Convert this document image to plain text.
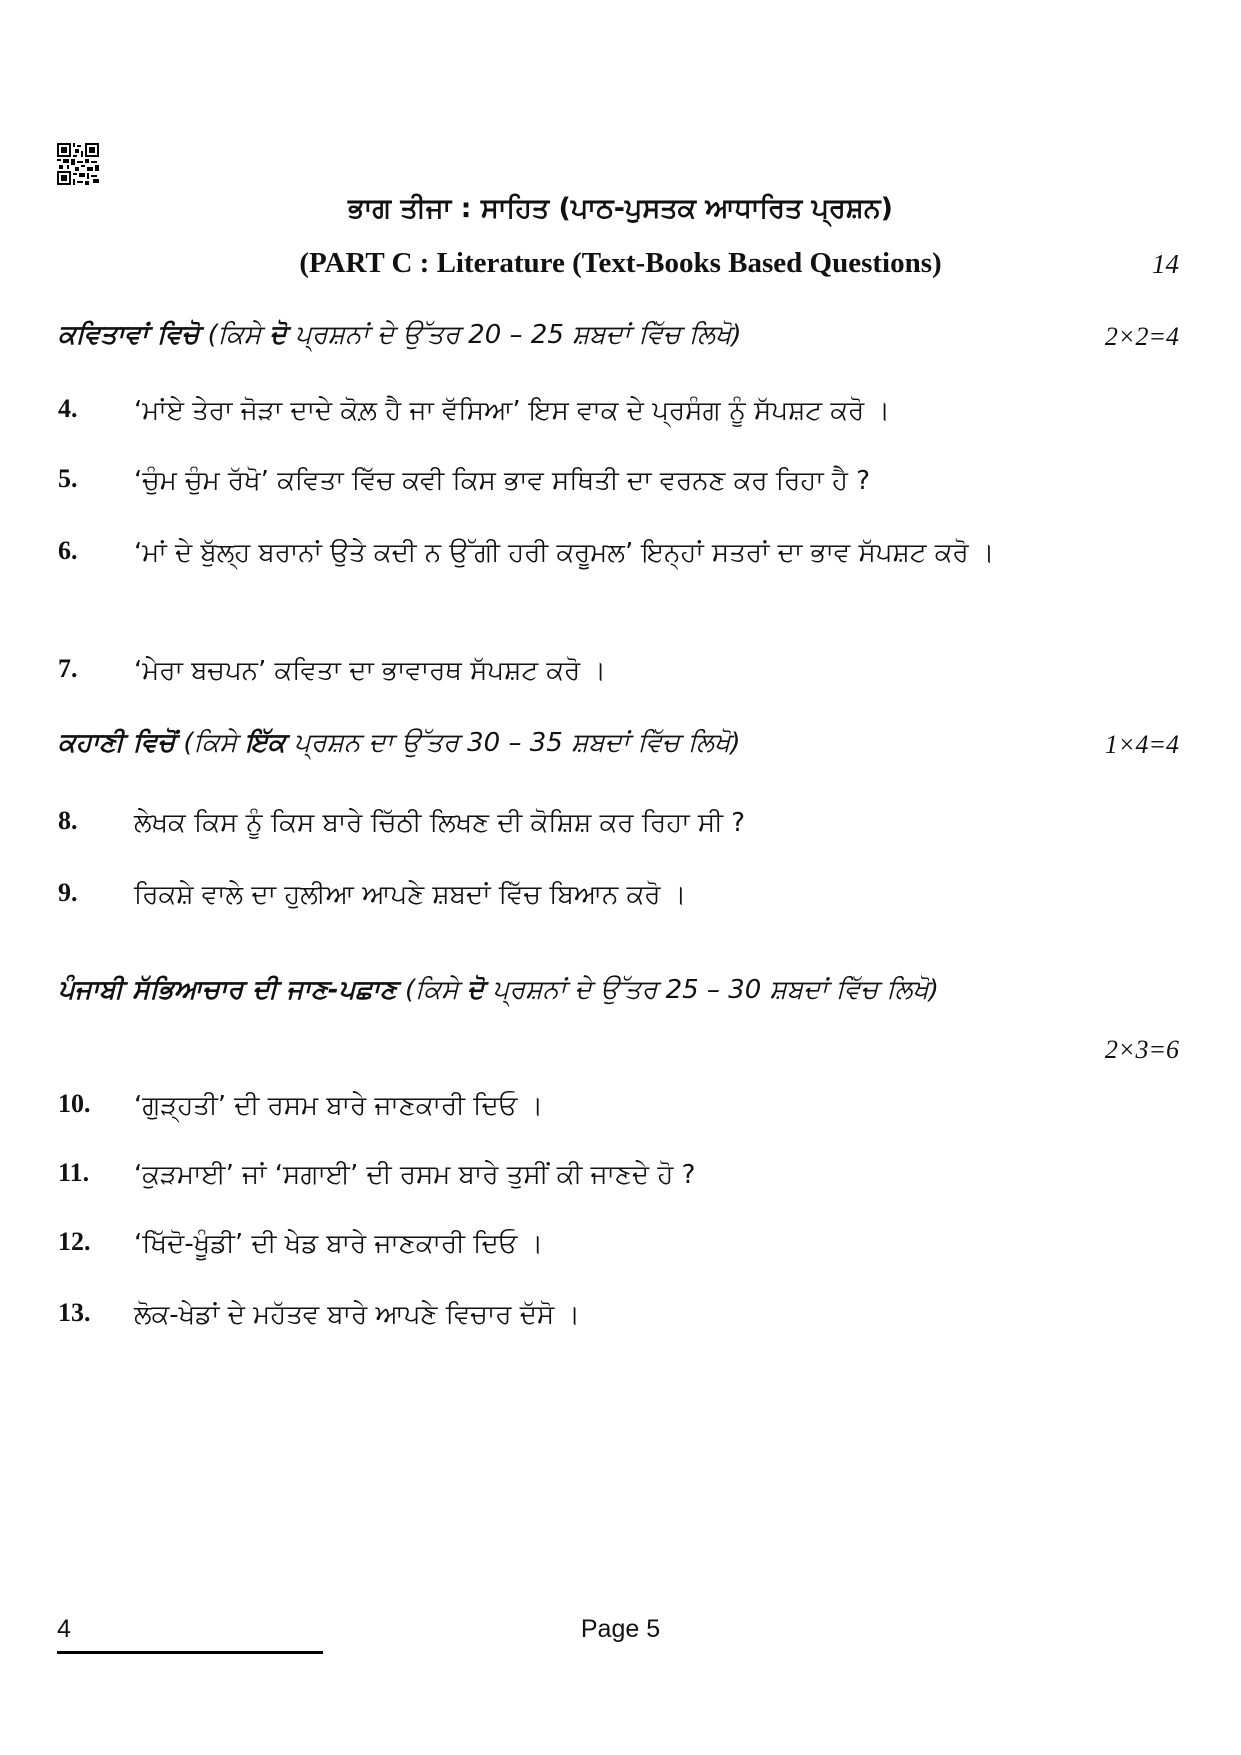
ਭਾਗ ਤੀਜਾ : ਸਾਹਿਤ (ਪਾਠ-ਪੁਸਤਕ ਆਧਾਰਿਤ ਪ੍ਰਸ਼ਨ)
(PART C : Literature (Text-Books Based Questions)	14
ਕਵਿਤਾਵਾਂ ਵਿਚੋ (ਕਿਸੇ ਦੋ ਪ੍ਰਸ਼ਨਾਂ ਦੇ ਉੱਤਰ 20 – 25 ਸ਼ਬਦਾਂ ਵਿੱਚ ਲਿਖੋ)	2×2=4
4.	‘ਮਾਂਏ ਤੇਰਾ ਜੋੜਾ ਦਾਦੇ ਕੋਲ਼ ਹੈ ਜਾ ਵੱਸਿਆ’ ਇਸ ਵਾਕ ਦੇ ਪ੍ਰਸੰਗ ਨੂੰ ਸੱਪਸ਼ਟ ਕਰੋ ।
5.	‘ਚੁੰਮ ਚੁੰਮ ਰੱਖੋ’ ਕਵਿਤਾ ਵਿੱਚ ਕਵੀ ਕਿਸ ਭਾਵ ਸਥਿਤੀ ਦਾ ਵਰਨਣ ਕਰ ਰਿਹਾ ਹੈ ?
6.	‘ਮਾਂ ਦੇ ਬੁੱਲ੍ਹ ਬਰਾਨਾਂ ਉਤੇ ਕਦੀ ਨ ਉੱਗੀ ਹਰੀ ਕਰੂਮਲ’ ਇਨ੍ਹਾਂ ਸਤਰਾਂ ਦਾ ਭਾਵ ਸੱਪਸ਼ਟ ਕਰੋ ।
7.	‘ਮੇਰਾ ਬਚਪਨ’ ਕਵਿਤਾ ਦਾ ਭਾਵਾਰਥ ਸੱਪਸ਼ਟ ਕਰੋ ।
ਕਹਾਣੀ ਵਿਚੋਂ (ਕਿਸੇ ਇੱਕ ਪ੍ਰਸ਼ਨ ਦਾ ਉੱਤਰ 30 – 35 ਸ਼ਬਦਾਂ ਵਿੱਚ ਲਿਖੋ)	1×4=4
8.	ਲੇਖਕ ਕਿਸ ਨੂੰ ਕਿਸ ਬਾਰੇ ਚਿੱਠੀ ਲਿਖਣ ਦੀ ਕੋਸ਼ਿਸ਼ ਕਰ ਰਿਹਾ ਸੀ ?
9.	ਰਿਕਸ਼ੇ ਵਾਲੇ ਦਾ ਹੁਲੀਆ ਆਪਣੇ ਸ਼ਬਦਾਂ ਵਿੱਚ ਬਿਆਨ ਕਰੋ ।
ਪੰਜਾਬੀ ਸੱਭਿਆਚਾਰ ਦੀ ਜਾਣ-ਪਛਾਣ (ਕਿਸੇ ਦੋ ਪ੍ਰਸ਼ਨਾਂ ਦੇ ਉੱਤਰ 25 – 30 ਸ਼ਬਦਾਂ ਵਿੱਚ ਲਿਖੋ)
2×3=6
10.	‘ਗੁੜ੍ਹਤੀ’ ਦੀ ਰਸਮ ਬਾਰੇ ਜਾਣਕਾਰੀ ਦਿਓ ।
11.	‘ਕੁੜਮਾਈ’ ਜਾਂ ‘ਸਗਾਈ’ ਦੀ ਰਸਮ ਬਾਰੇ ਤੁਸੀਂ ਕੀ ਜਾਣਦੇ ਹੋ ?
12.	‘ਖਿੱਦੋ-ਖੂੰਡੀ’ ਦੀ ਖੇਡ ਬਾਰੇ ਜਾਣਕਾਰੀ ਦਿਓ ।
13.	ਲੋਕ-ਖੇਡਾਂ ਦੇ ਮਹੱਤਵ ਬਾਰੇ ਆਪਣੇ ਵਿਚਾਰ ਦੱਸੋ ।
4	Page 5
